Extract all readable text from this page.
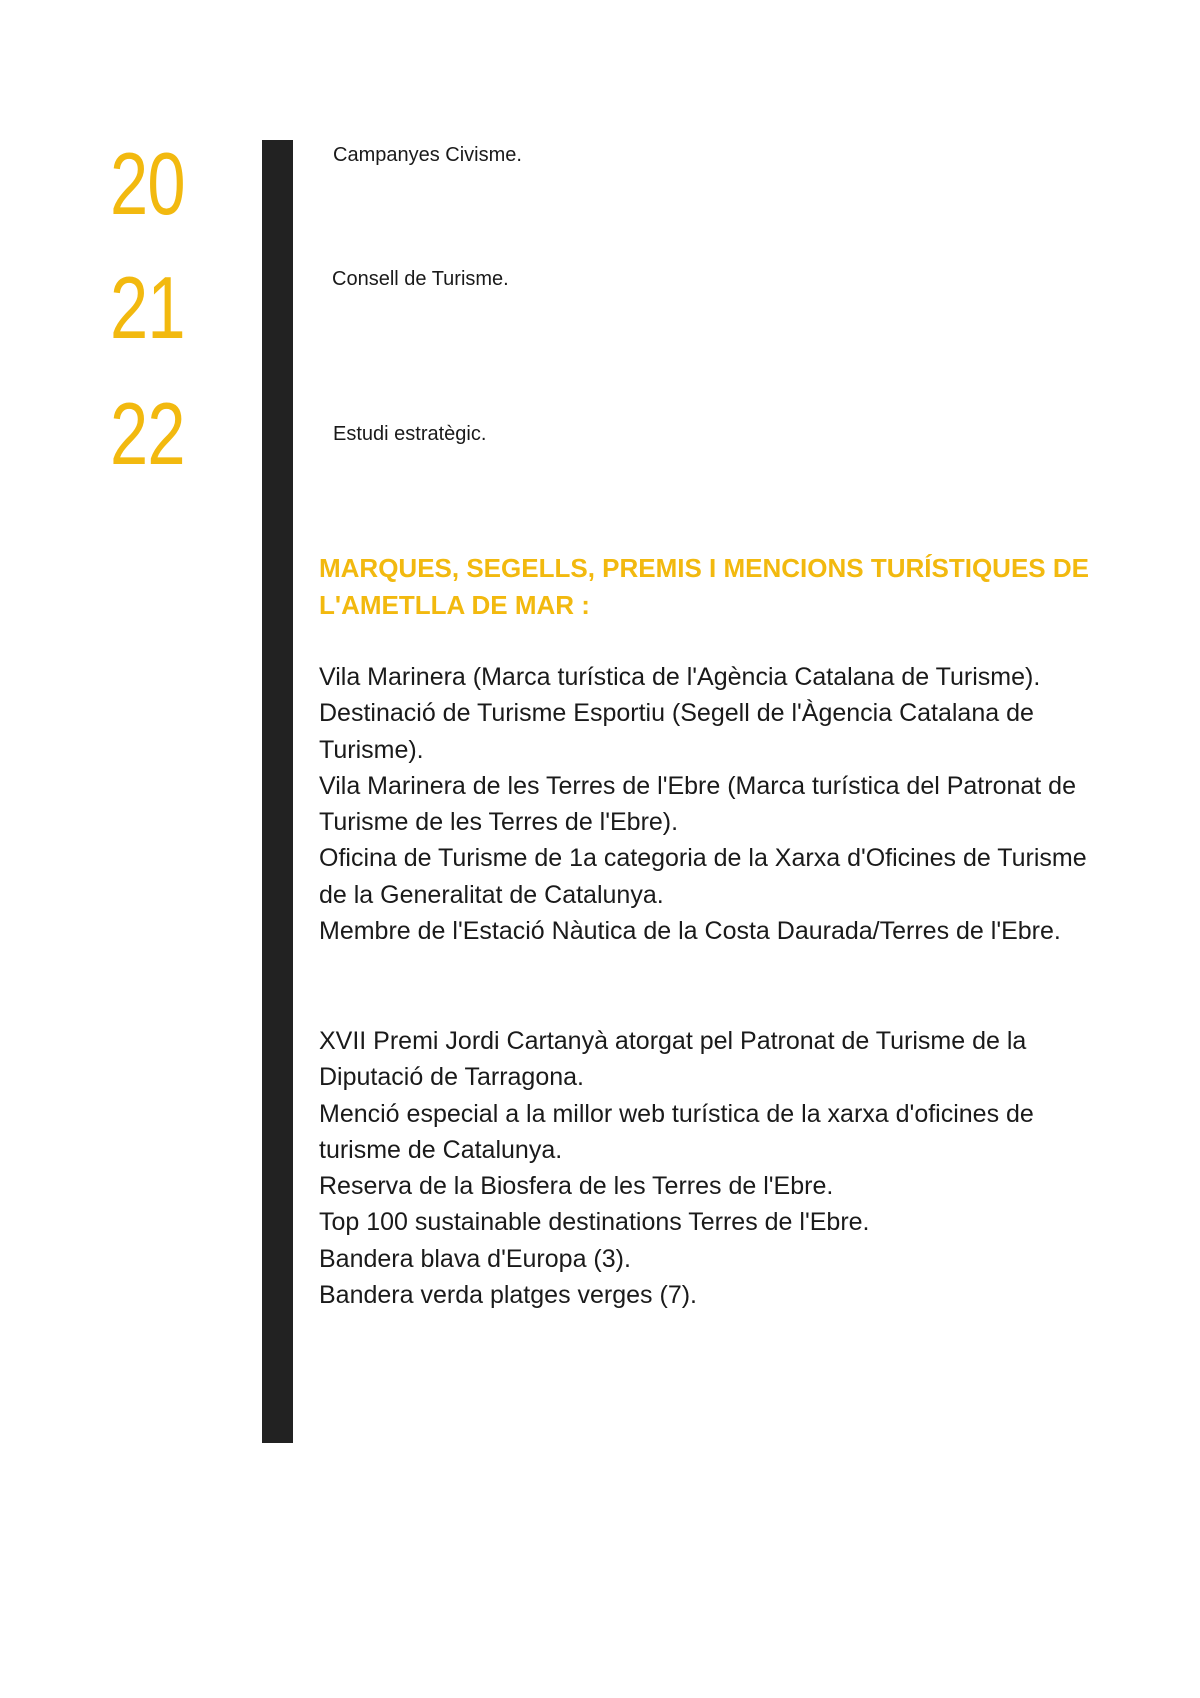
20
21
22
Campanyes Civisme.
Consell de Turisme.
Estudi estratègic.
MARQUES, SEGELLS, PREMIS I MENCIONS TURÍSTIQUES DE L'AMETLLA DE MAR :
Vila Marinera (Marca turística de l'Agència Catalana de Turisme).
Destinació de Turisme Esportiu (Segell de l'Àgencia Catalana de Turisme).
Vila Marinera de les Terres de l'Ebre (Marca turística del Patronat de Turisme de les Terres de l'Ebre).
Oficina de Turisme de 1a categoria de la Xarxa d'Oficines de Turisme de la Generalitat de Catalunya.
Membre de l'Estació Nàutica de la Costa Daurada/Terres de l'Ebre.
XVII Premi Jordi Cartanyà atorgat pel Patronat de Turisme de la Diputació de Tarragona.
Menció especial a la millor web turística de la xarxa d'oficines de turisme de Catalunya.
Reserva de la Biosfera de les Terres de l'Ebre.
Top 100 sustainable destinations Terres de l'Ebre.
Bandera blava d'Europa (3).
Bandera verda platges verges (7).
